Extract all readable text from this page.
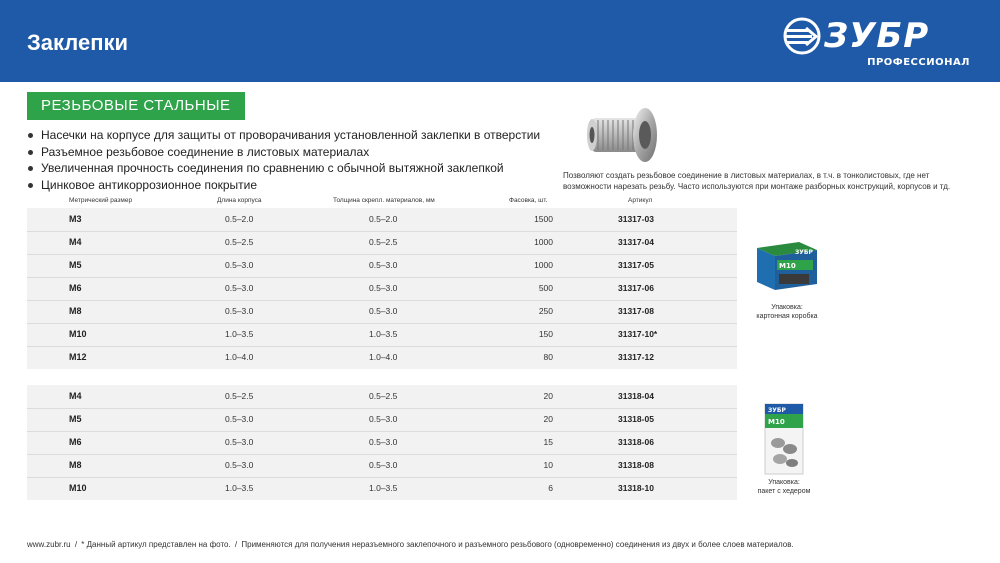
Заклепки	ЗУБР
ПРОФЕССИОНАЛ
РЕЗЬБОВЫЕ СТАЛЬНЫЕ
Насечки на корпусе для защиты от проворачивания установленной заклепки в отверстии
Разъемное резьбовое соединение в листовых материалах
Увеличенная прочность соединения по сравнению с обычной вытяжной заклепкой
Цинковое антикоррозионное покрытие
Позволяют создать резьбовое соединение в листовых материалах, в т.ч. в тонколистовых, где нет возможности нарезать резьбу. Часто используются при монтаже разборных конструкций, корпусов и тд.
Метрический размер	Длина корпуса	Толщина скрепл. материалов, мм	Фасовка, шт.	Артикул
М3	0.5–2.0	0.5–2.0	1500	31317-03
М4	0.5–2.5	0.5–2.5	1000	31317-04
М5	0.5–3.0	0.5–3.0	1000	31317-05
М6	0.5–3.0	0.5–3.0	500	31317-06
М8	0.5–3.0	0.5–3.0	250	31317-08
М10	1.0–3.5	1.0–3.5	150	31317-10*
М12	1.0–4.0	1.0–4.0	80	31317-12
М4	0.5–2.5	0.5–2.5	20	31318-04
М5	0.5–3.0	0.5–3.0	20	31318-05
М6	0.5–3.0	0.5–3.0	15	31318-06
М8	0.5–3.0	0.5–3.0	10	31318-08
М10	1.0–3.5	1.0–3.5	6	31318-10
М10
ЗУБР
Упаковка:
картонная коробка
ЗУБР
М10
Упаковка:
пакет с хедером
www.zubr.ru / * Данный артикул представлен на фото. / Применяются для получения неразъемного заклепочного и разъемного резьбового (одновременно) соединения из двух и более слоев материалов.
